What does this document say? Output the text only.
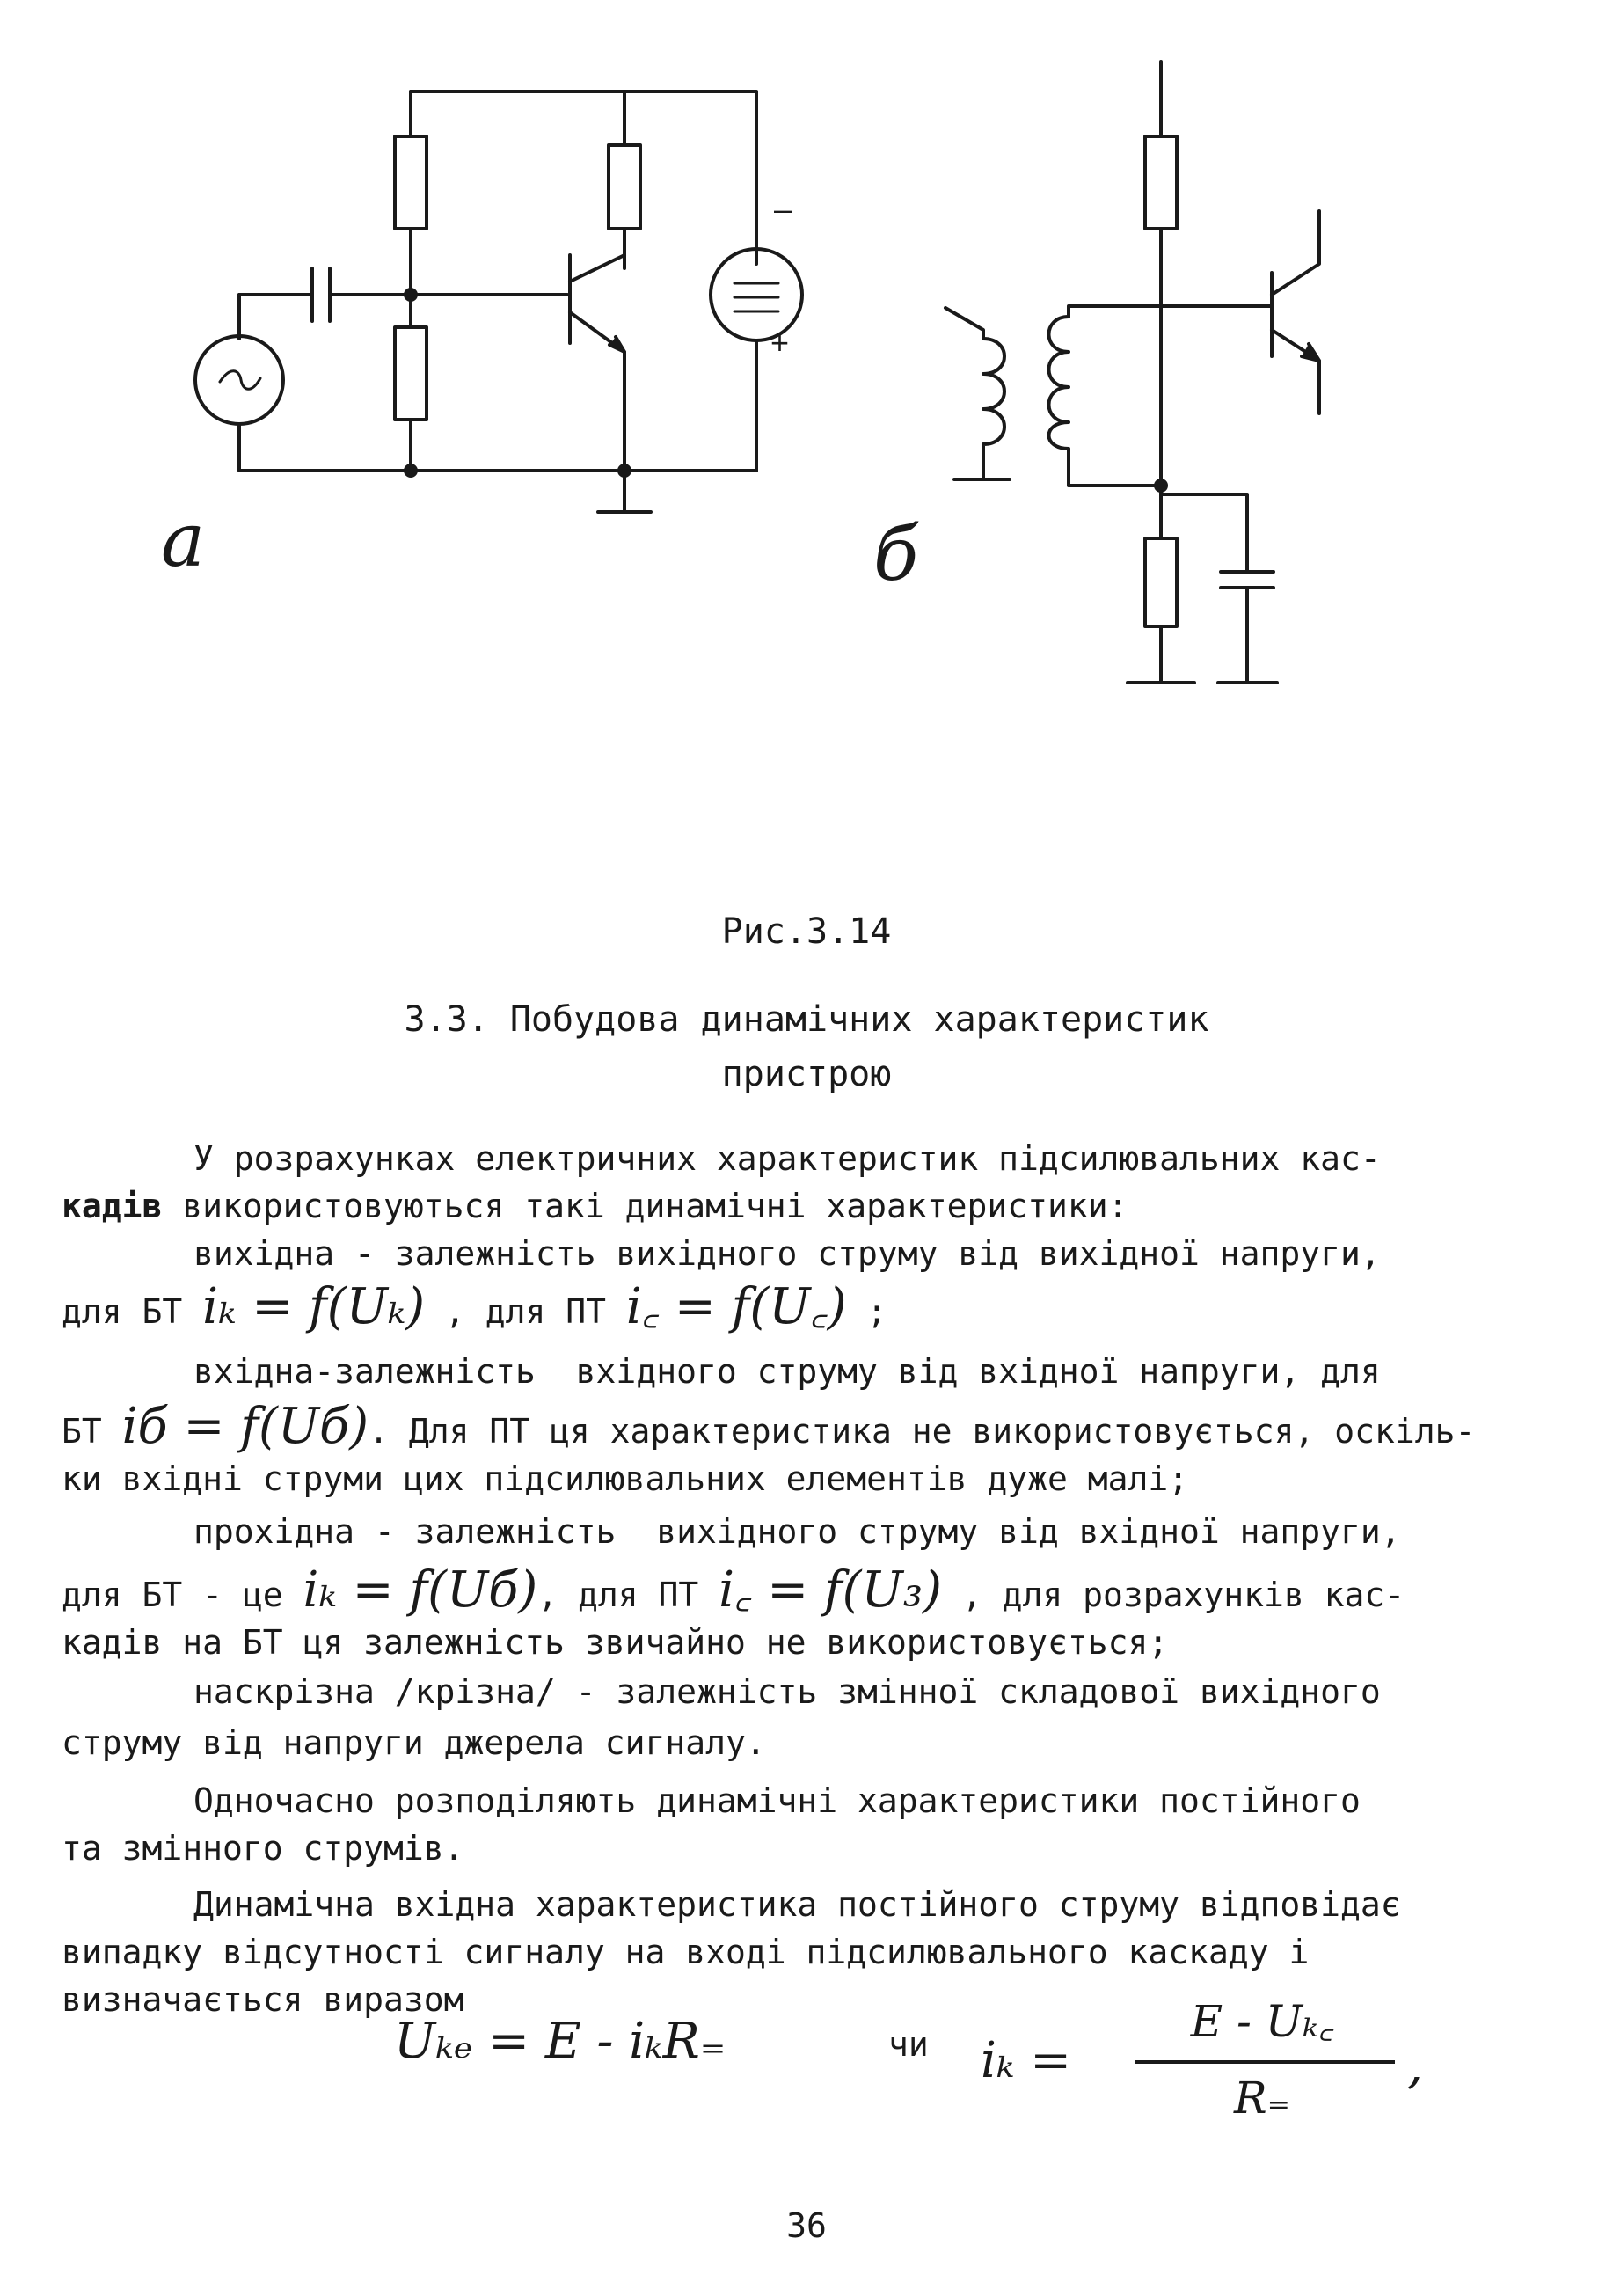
–
+
а	б
Рис.3.14
3.3. Побудова динамічних характеристик
пристрою
У розрахунках електричних характеристик підсилювальних кас-
кадів використовуються такі динамічні характеристики:
вихідна - залежність вихідного струму від вихідної напруги,
для БТ iₖ = f(Uₖ) , для ПТ i꜀ = f(U꜀) ;
вхідна-залежність  вхідного струму від вхідної напруги, для
БТ iб = f(Uб). Для ПТ ця характеристика не використовується, оскіль-
ки вхідні струми цих підсилювальних елементів дуже малі;
прохідна - залежність  вихідного струму від вхідної напруги,
для БТ - це iₖ = f(Uб), для ПТ i꜀ = f(U₃) , для розрахунків кас-
кадів на БТ ця залежність звичайно не використовується;
наскрізна /крізна/ - залежність змінної складової вихідного
струму від напруги джерела сигналу.
Одночасно розподіляють динамічні характеристики постійного
та змінного струмів.
Динамічна вхідна характеристика постійного струму відповідає
випадку відсутності сигналу на вході підсилювального каскаду і
визначається виразом
Uₖₑ = E - iₖR₌	чи iₖ =
E - Uₖ꜀
R₌
,
36
